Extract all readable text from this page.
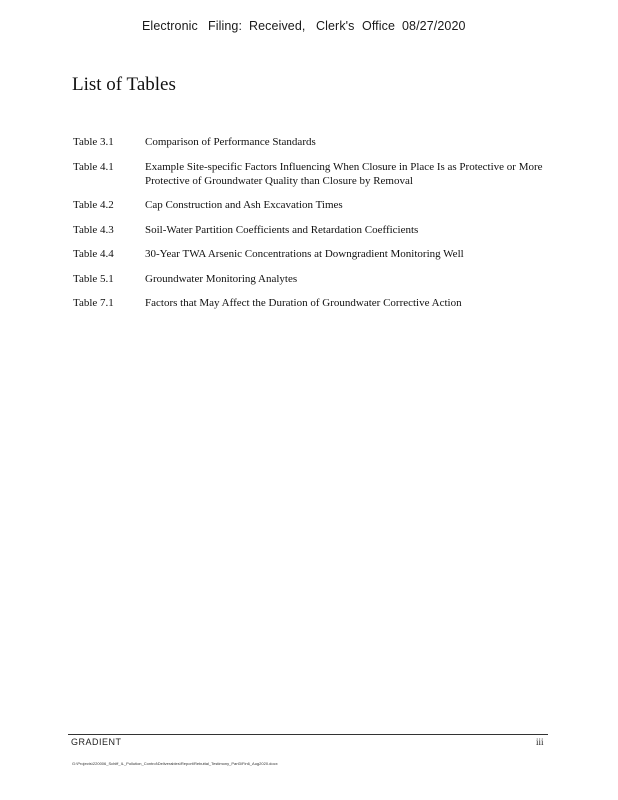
Electronic Filing: Received, Clerk's Office 08/27/2020
List of Tables
Table 3.1	Comparison of Performance Standards
Table 4.1	Example Site-specific Factors Influencing When Closure in Place Is as Protective or More Protective of Groundwater Quality than Closure by Removal
Table 4.2	Cap Construction and Ash Excavation Times
Table 4.3	Soil-Water Partition Coefficients and Retardation Coefficients
Table 4.4	30-Year TWA Arsenic Concentrations at Downgradient Monitoring Well
Table 5.1	Groundwater Monitoring Analytes
Table 7.1	Factors that May Affect the Duration of Groundwater Corrective Action
GRADIENT	iii
G:\Projects\220006_Schiff_IL_Pollution_Control\Deliverables\Report\Rebuttal_Testimony_Part3\Fin6_Aug2020.docx
